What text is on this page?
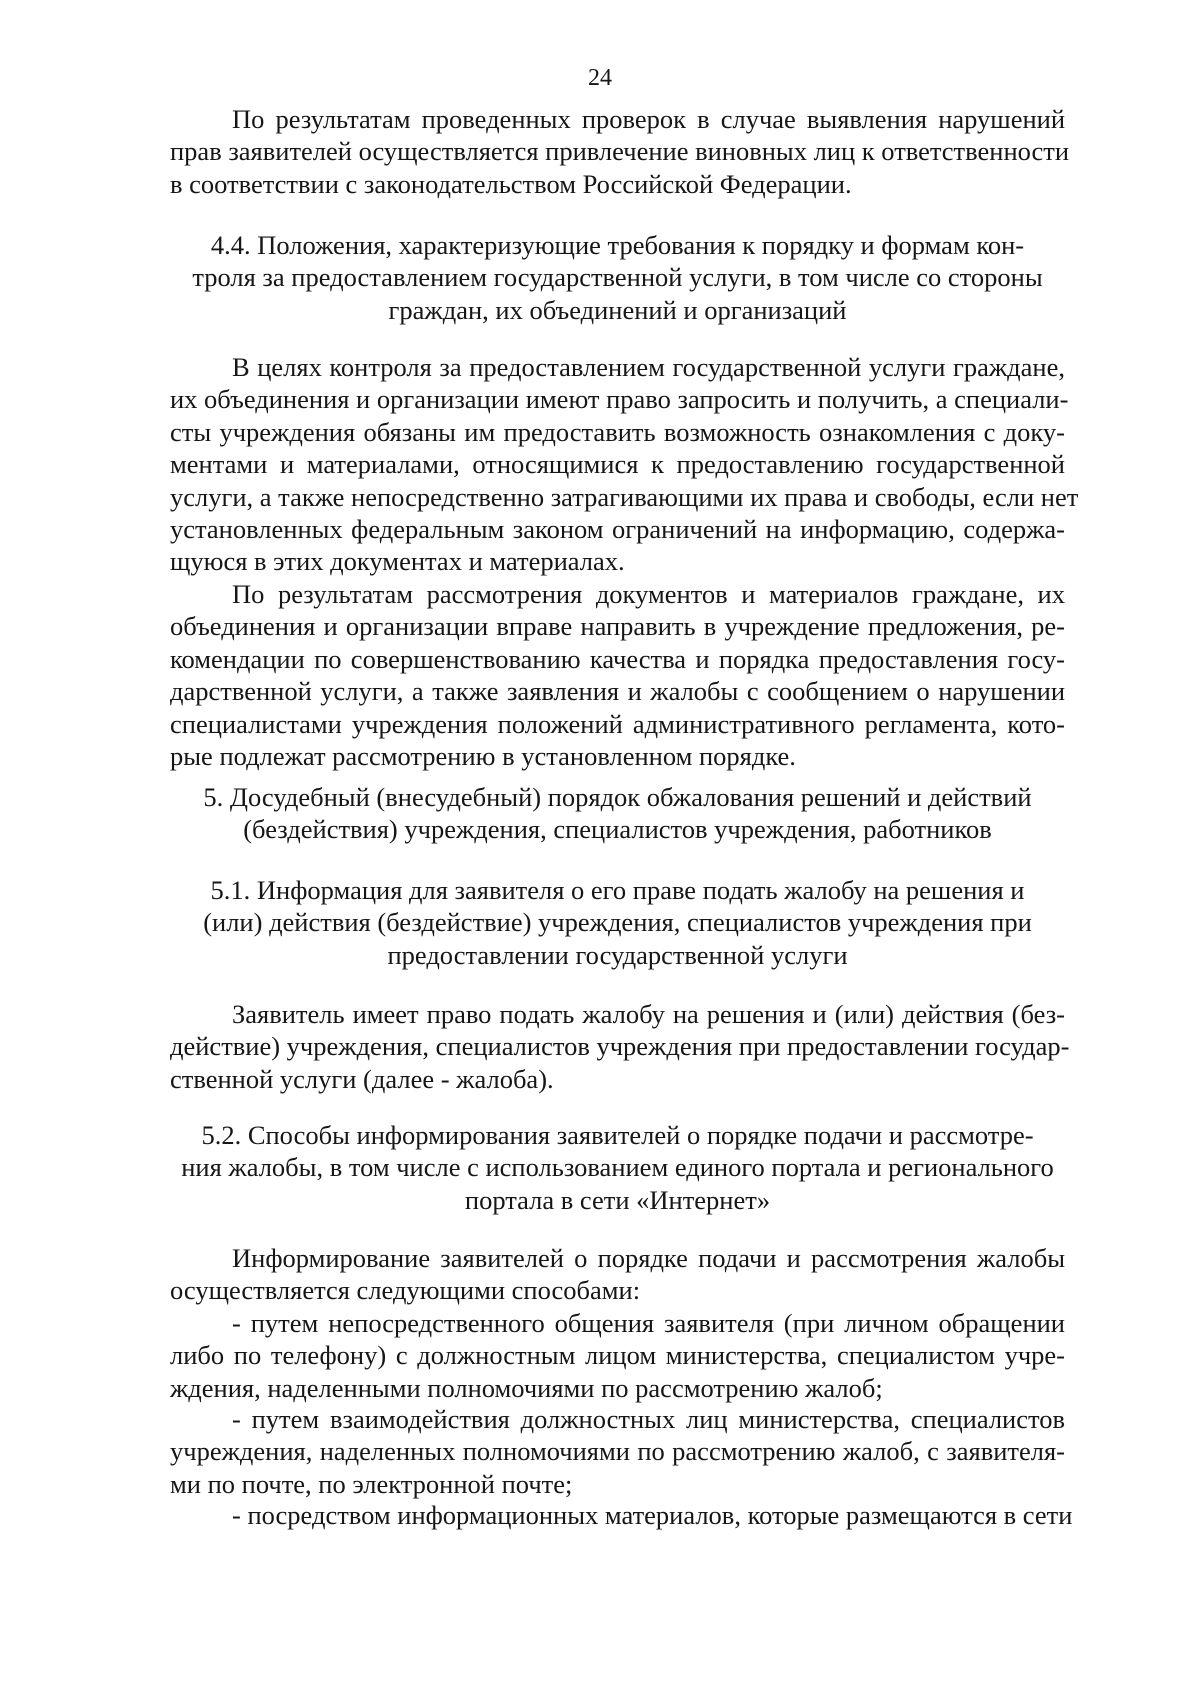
24
По результатам проведенных проверок в случае выявления нарушений
прав заявителей осуществляется привлечение виновных лиц к ответственности
в соответствии с законодательством Российской Федерации.
4.4. Положения, характеризующие требования к порядку и формам кон-
троля за предоставлением государственной услуги, в том числе со стороны
граждан, их объединений и организаций
В целях контроля за предоставлением государственной услуги граждане,
их объединения и организации имеют право запросить и получить, а специали-
сты учреждения обязаны им предоставить возможность ознакомления с доку-
ментами и материалами, относящимися к предоставлению государственной
услуги, а также непосредственно затрагивающими их права и свободы, если нет
установленных федеральным законом ограничений на информацию, содержа-
щуюся в этих документах и материалах.
По результатам рассмотрения документов и материалов граждане, их
объединения и организации вправе направить в учреждение предложения, ре-
комендации по совершенствованию качества и порядка предоставления госу-
дарственной услуги, а также заявления и жалобы с сообщением о нарушении
специалистами учреждения положений административного регламента, кото-
рые подлежат рассмотрению в установленном порядке.
5. Досудебный (внесудебный) порядок обжалования решений и действий
(бездействия) учреждения, специалистов учреждения, работников
5.1. Информация для заявителя о его праве подать жалобу на решения и
(или) действия (бездействие) учреждения, специалистов учреждения при
предоставлении государственной услуги
Заявитель имеет право подать жалобу на решения и (или) действия (без-
действие) учреждения, специалистов учреждения при предоставлении государ-
ственной услуги (далее - жалоба).
5.2. Способы информирования заявителей о порядке подачи и рассмотре-
ния жалобы, в том числе с использованием единого портала и регионального
портала в сети «Интернет»
Информирование заявителей о порядке подачи и рассмотрения жалобы
осуществляется следующими способами:
- путем непосредственного общения заявителя (при личном обращении
либо по телефону) с должностным лицом министерства, специалистом учре-
ждения, наделенными полномочиями по рассмотрению жалоб;
- путем взаимодействия должностных лиц министерства, специалистов
учреждения, наделенных полномочиями по рассмотрению жалоб, с заявителя-
ми по почте, по электронной почте;
- посредством информационных материалов, которые размещаются в сети
